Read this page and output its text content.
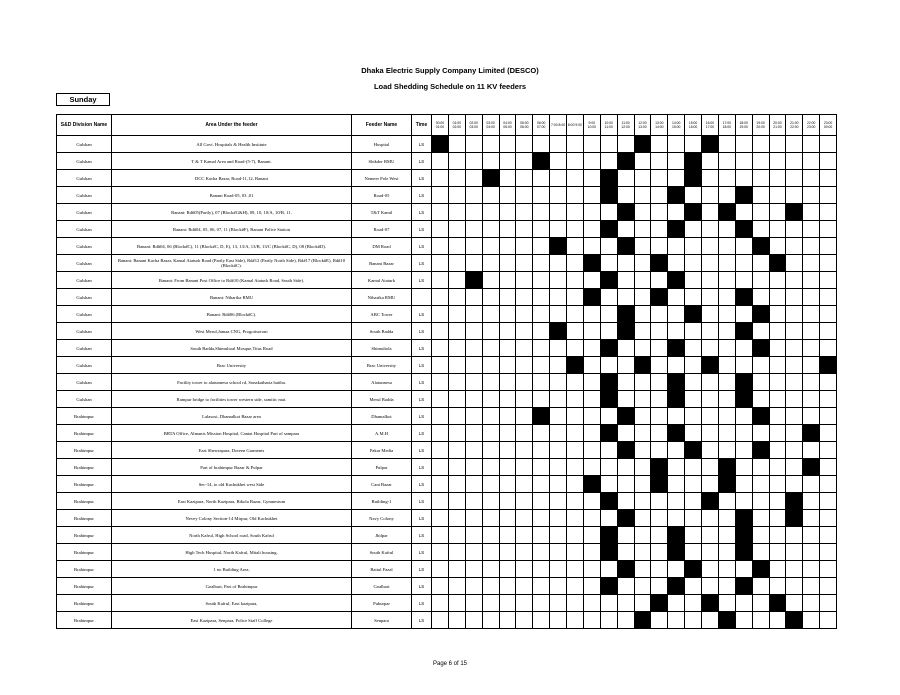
Dhaka Electric Supply Company Limited (DESCO)
Load Shedding Schedule on 11 KV feeders
Sunday
S&D Division Name	Area Under the feeder	Feeder Name	Time	00:00 01:00	01:00 02:00	02:00 03:00	03:00 04:00	04:00 05:00	05:00 06:00	06:00 07:00	7:00 8:00	8:00 9:00	9:00 10:00	10:00 11:00	11:00 12:00	12:00 13:00	13:00 14:00	14:00 15:00	15:00 16:00	16:00 17:00	17:00 18:00	18:00 19:00	19:00 20:00	20:00 21:00	21:00 22:00	22:00 23:00	23:00 00:00
Gulshan	All Govt. Hospitals & Health Institute	Hospital	LS																								
Gulshan	T & T Kamal Area and Road-(5-7), Banani.	Shikder RMU	LS																								
Gulshan	DCC Kacha Bazar, Road-11,12, Banani	Nemeer Pole West	LS																								
Gulshan	Banani Road-05, 03 ,01	Road-05	LS																								
Gulshan	Banani: Rd#05(Partly), 07 (Block#G&H), 09, 10, 10/A, 10/B, 11.	T&T Kamil	LS																								
Gulshan	Banani: Rd#04, 05, 06, 07, 11 (Block#F), Banani Police Station	Road-07	LS																								
Gulshan	Banani: Rd#04, 06 (Block#C), 11 (Block#C, D, E), 13, 13/A, 13/B, 13/C (Block#C, D), 08 (Block#D).	DM Road	LS																								
Gulshan	Banani: Banani Kacha Bazar, Kamal Ataturk Road (Partly East Side), Rd#12 (Partly North Side), Rd#17 (Block#E), Rd#10 (Block#C).	Banani Bazar	LS																								
Gulshan	Banani: From Banani Post Office to Rd#10 (Kamal Ataturk Road, South Side).	Kamal Ataturk	LS																								
Gulshan	Banani: Niharika RMU	Niharika RMU																									
Gulshan	Banani: Rd#06 (Block#C).	ABC Tower	LS																								
Gulshan	West Merul,Jamaa CNG, Progotisoroni	South Badda	LS																								
Gulshan	South Badda,Shimultoal Mosque,Titus Road	Shimultola	LS																								
Gulshan	Brac University	Brac University	LS																								
Gulshan	Facility tower to alatunnesa school rd, Sonakatharia baitha.	Alatunnesa	LS																								
Gulshan	Rampur bridge to facilities tower western side, samitic mat.	Merul Badda	LS																								
Brahimpur	Lalasosi, Dhamalkot Bazar area	Dhamalkot	LS																								
Brahimpur	BRTA Office, Almanis Mission Hospital, Cantat Hospital Part of sampara	A.M.H	LS																								
Brahimpur	East Shewrapara, Doreen Garments	Pakar Media	LS																								
Brahimpur	Part of brahimpur Bazar & Pulpar	Pulpar	LS																								
Brahimpur	Sec-14, to old Kachukhet west Side	Cant Bazar	LS																								
Brahimpur	East Kazipara, North Kazipara, Bikola Bazar, Gymnesium	Building-1	LS																								
Brahimpur	Nevey Colony Section-14 Mirpur, Old Kachukhet	Navy Colony	LS																								
Brahimpur	North Kafrul, High School road, South Kafrul	Jhilpar	LS																								
Brahimpur	High Tech Hospital, North Kafrul, Mitali housing.	South Kafrul	LS																								
Brahimpur	1 no Building Area,	Baitul Fazal	LS																								
Brahimpur	Goalbari, Part of Brahimpur	Goalbari	LS																								
Brahimpur	South Kafrul, East kazipara,	Pukurpar	LS																								
Brahimpur	East Kazipara, Senpara, Police Staff College	Senpara	LS																								
Page 6 of 15
